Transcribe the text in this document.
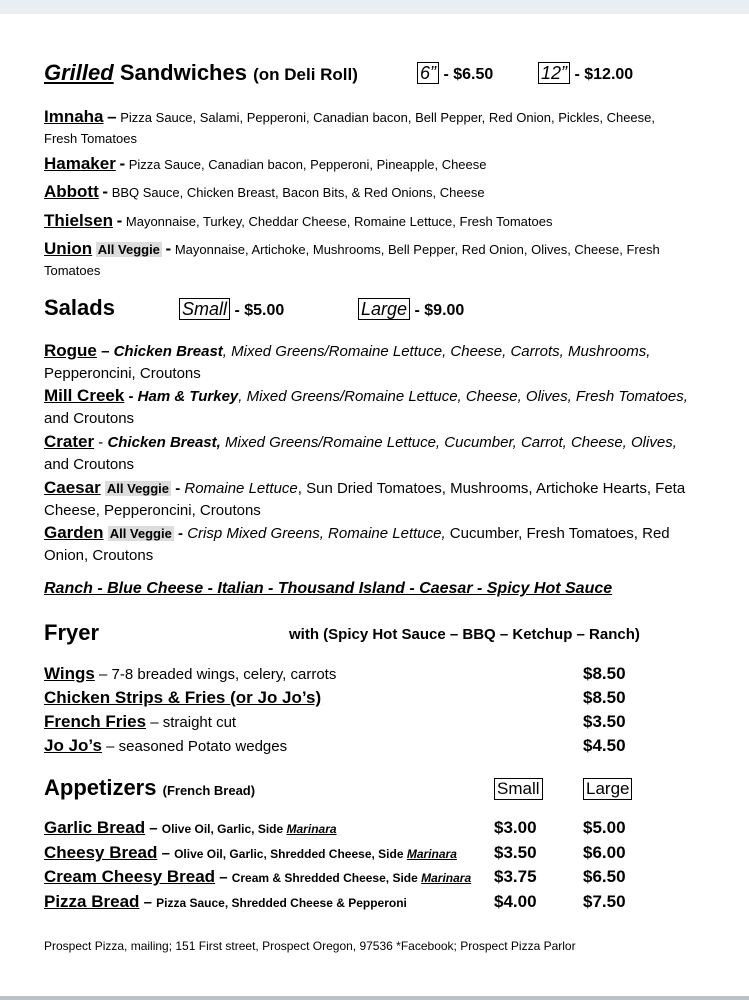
Grilled Sandwiches (on Deli Roll)	6” - $6.50	12” - $12.00
Imnaha – Pizza Sauce, Salami, Pepperoni, Canadian bacon, Bell Pepper, Red Onion, Pickles, Cheese,
Fresh Tomatoes
Hamaker - Pizza Sauce, Canadian bacon, Pepperoni, Pineapple, Cheese
Abbott - BBQ Sauce, Chicken Breast, Bacon Bits, & Red Onions, Cheese
Thielsen - Mayonnaise, Turkey, Cheddar Cheese, Romaine Lettuce, Fresh Tomatoes
Union All Veggie - Mayonnaise, Artichoke, Mushrooms, Bell Pepper, Red Onion, Olives, Cheese, Fresh
Tomatoes
Salads	Small - $5.00	Large - $9.00
Rogue – Chicken Breast, Mixed Greens/Romaine Lettuce, Cheese, Carrots, Mushrooms,
Pepperoncini, Croutons
Mill Creek - Ham & Turkey, Mixed Greens/Romaine Lettuce, Cheese, Olives, Fresh Tomatoes,
and Croutons
Crater - Chicken Breast, Mixed Greens/Romaine Lettuce, Cucumber, Carrot, Cheese, Olives,
and Croutons
Caesar All Veggie - Romaine Lettuce, Sun Dried Tomatoes, Mushrooms, Artichoke Hearts, Feta
Cheese, Pepperoncini, Croutons
Garden All Veggie - Crisp Mixed Greens, Romaine Lettuce, Cucumber, Fresh Tomatoes, Red
Onion, Croutons
Ranch - Blue Cheese - Italian - Thousand Island - Caesar - Spicy Hot Sauce
Fryer	with (Spicy Hot Sauce – BBQ – Ketchup – Ranch)
Wings – 7-8 breaded wings, celery, carrots	$8.50
Chicken Strips & Fries (or Jo Jo’s)	$8.50
French Fries – straight cut	$3.50
Jo Jo’s – seasoned Potato wedges	$4.50
Appetizers (French Bread)	Small	Large
Garlic Bread – Olive Oil, Garlic, Side Marinara	$3.00	$5.00
Cheesy Bread – Olive Oil, Garlic, Shredded Cheese, Side Marinara $3.50	$6.00
Cream Cheesy Bread – Cream & Shredded Cheese, Side Marinara $3.75	$6.50
Pizza Bread – Pizza Sauce, Shredded Cheese & Pepperoni	$4.00	$7.50
Prospect Pizza, mailing; 151 First street, Prospect Oregon, 97536 *Facebook; Prospect Pizza Parlor
